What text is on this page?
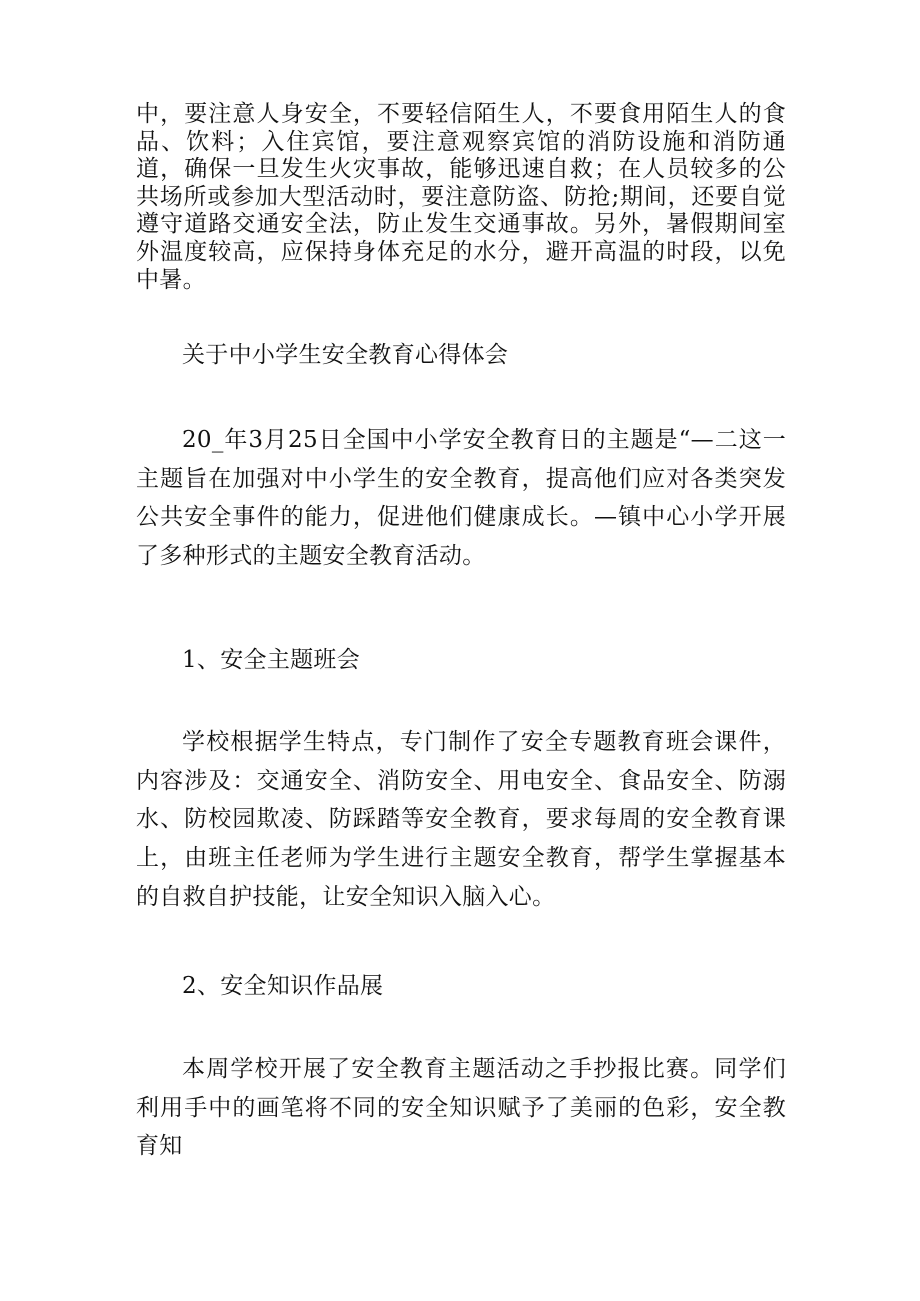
中，要注意人身安全，不要轻信陌生人，不要食用陌生人的食品、饮料；入住宾馆，要注意观察宾馆的消防设施和消防通道，确保一旦发生火灾事故，能够迅速自救；在人员较多的公共场所或参加大型活动时，要注意防盗、防抢;期间，还要自觉遵守道路交通安全法，防止发生交通事故。另外，暑假期间室外温度较高，应保持身体充足的水分，避开高温的时段，以免中暑。

关于中小学生安全教育心得体会

20_年3月25日全国中小学安全教育日的主题是“—二这一主题旨在加强对中小学生的安全教育，提高他们应对各类突发公共安全事件的能力，促进他们健康成长。—镇中心小学开展了多种形式的主题安全教育活动。

1、安全主题班会

学校根据学生特点，专门制作了安全专题教育班会课件，内容涉及：交通安全、消防安全、用电安全、食品安全、防溺水、防校园欺凌、防踩踏等安全教育，要求每周的安全教育课上，由班主任老师为学生进行主题安全教育，帮学生掌握基本的自救自护技能，让安全知识入脑入心。

2、安全知识作品展

本周学校开展了安全教育主题活动之手抄报比赛。同学们利用手中的画笔将不同的安全知识赋予了美丽的色彩，安全教育知
